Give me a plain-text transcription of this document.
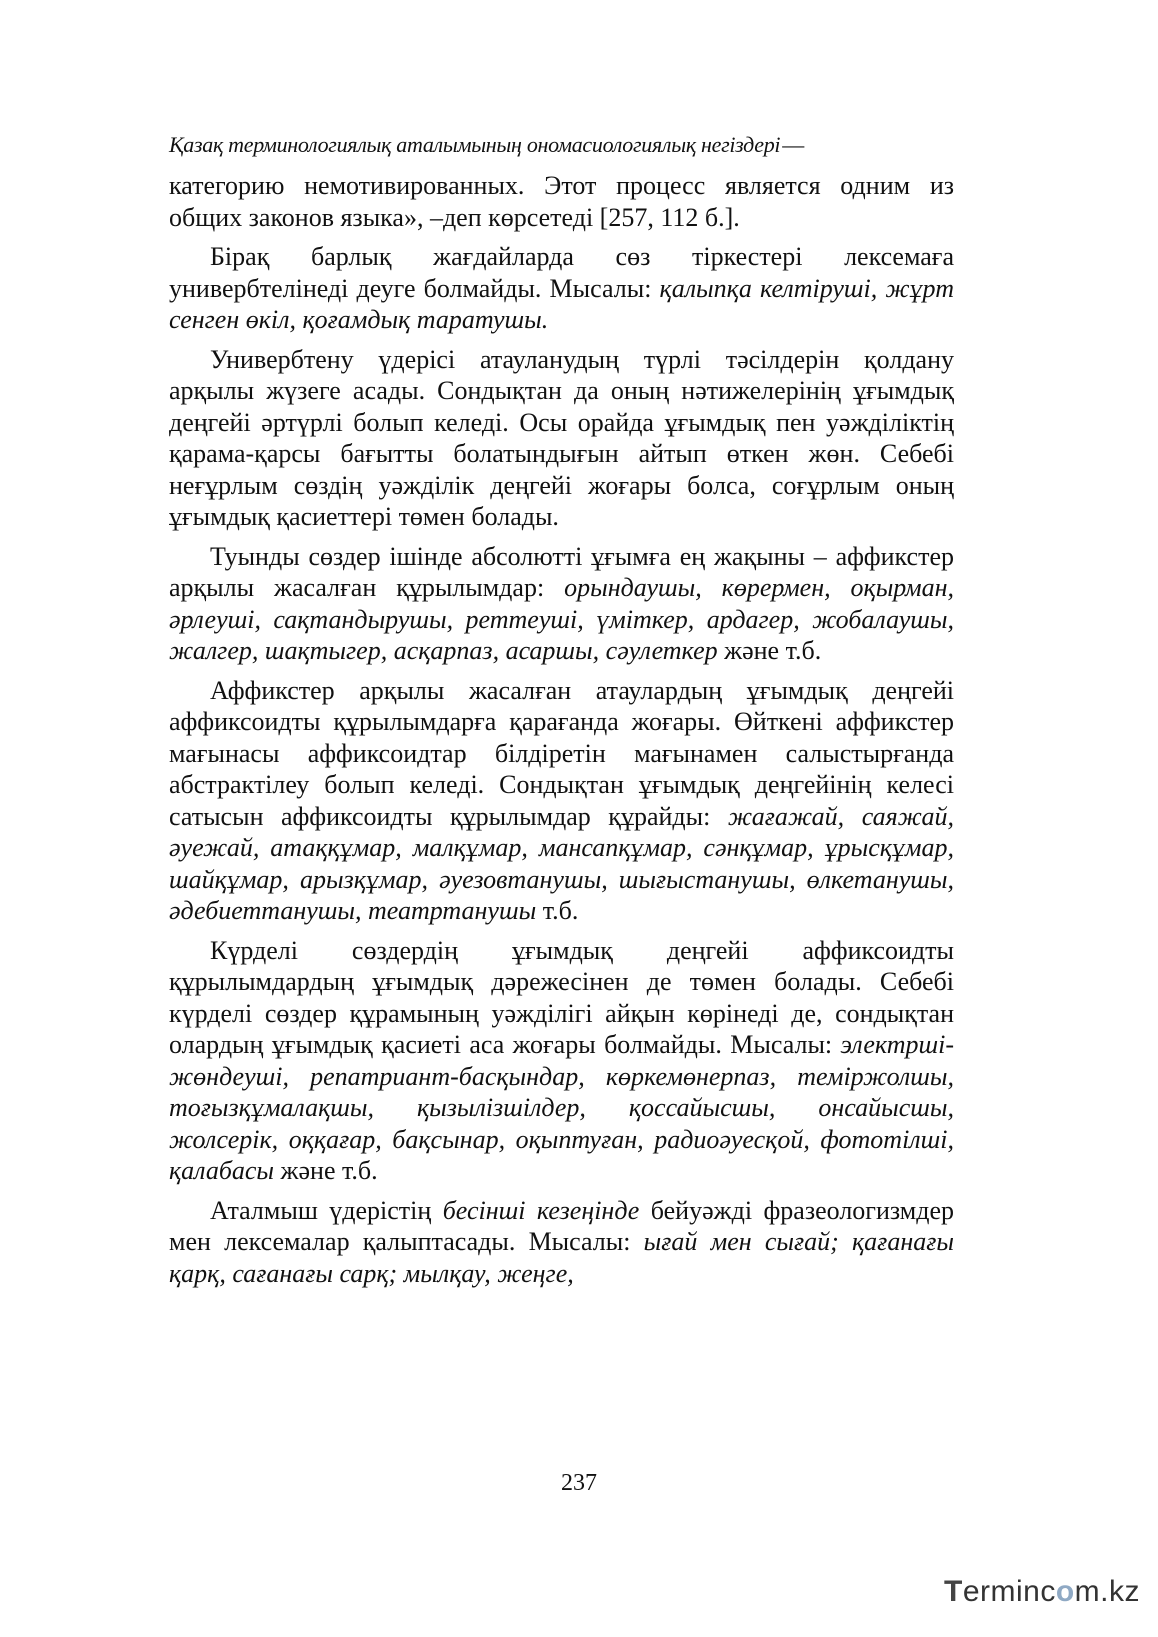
Қазақ терминологиялық аталымының ономасиологиялық негіздері—

категорию немотивированных. Этот процесс является одним из общих законов языка», –деп көрсетеді [257, 112 б.].

Бірақ барлық жағдайларда сөз тіркестері лексемаға универбтелінеді деуге болмайды. Мысалы: қалыпқа келтіруші, жұрт сенген өкіл, қоғамдық таратушы.

Универбтену үдерісі атауланудың түрлі тәсілдерін қолдану арқылы жүзеге асады. Сондықтан да оның нәтижелерінің ұғымдық деңгейі әртүрлі болып келеді. Осы орайда ұғымдық пен уәжділіктің қарама-қарсы бағытты болатындығын айтып өткен жөн. Себебі неғұрлым сөздің уәжділік деңгейі жоғары болса, соғұрлым оның ұғымдық қасиеттері төмен болады.

Туынды сөздер ішінде абсолютті ұғымға ең жақыны – аффикстер арқылы жасалған құрылымдар: орындаушы, көрермен, оқырман, әрлеуші, сақтандырушы, реттеуші, үміткер, ардагер, жобалаушы, жалгер, шақтыгер, асқарпаз, асаршы, сәулеткер және т.б.

Аффикстер арқылы жасалған атаулардың ұғымдық деңгейі аффиксоидты құрылымдарға қарағанда жоғары. Өйткені аффикстер мағынасы аффиксоидтар білдіретін мағынамен салыстырғанда абстрактілеу болып келеді. Сондықтан ұғымдық деңгейінің келесі сатысын аффиксоидты құрылымдар құрайды: жағажай, саяжай, әуежай, атаққұмар, малқұмар, мансапқұмар, сәнқұмар, ұрысқұмар, шайқұмар, арызқұмар, әуезовтанушы, шығыстанушы, өлкетанушы, әдебиеттанушы, театртанушы т.б.

Күрделі сөздердің ұғымдық деңгейі аффиксоидты құрылымдардың ұғымдық дәрежесінен де төмен болады. Себебі күрделі сөздер құрамының уәжділігі айқын көрінеді де, сондықтан олардың ұғымдық қасиеті аса жоғары болмайды. Мысалы: электрші-жөндеуші, репатриант-басқындар, көркемөнерпаз, теміржолшы, тоғызқұмалақшы, қызылізшілдер, қоссайысшы, онсайысшы, жолсерік, оққағар, бақсынар, оқыптуған, радиоәуесқой, фототілші, қалабасы және т.б.

Аталмыш үдерістің бесінші кезеңінде бейуәжді фразеологизмдер мен лексемалар қалыптасады. Мысалы: ығай мен сығай; қағанағы қарқ, сағанағы сарқ; мылқау, жеңге,

237
Termincom.kz
